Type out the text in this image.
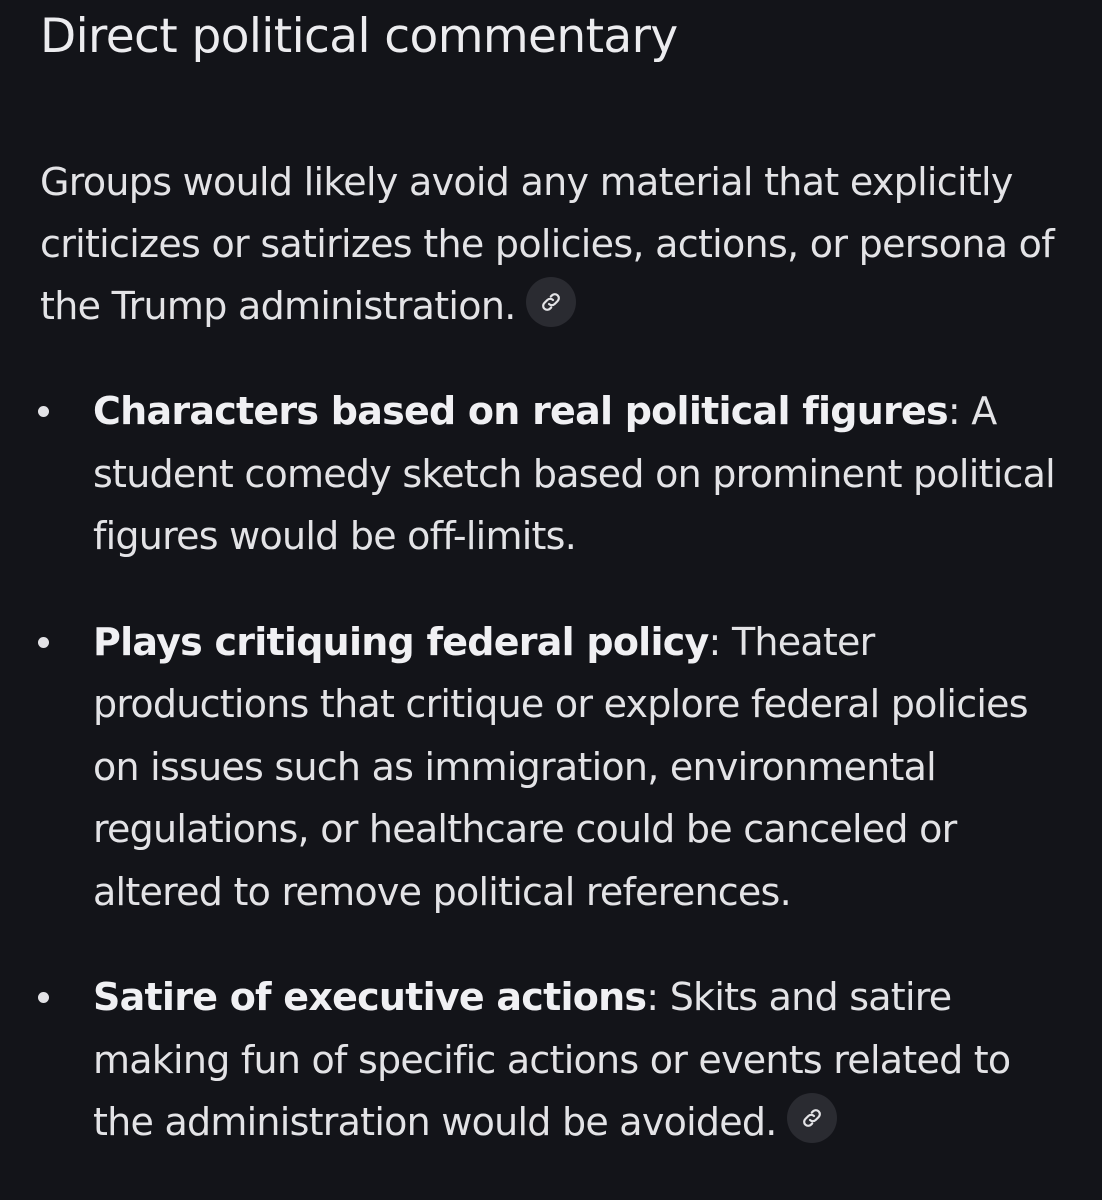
Direct political commentary

Groups would likely avoid any material that explicitly criticizes or satirizes the policies, actions, or persona of the Trump administration.

Characters based on real political figures: A student comedy sketch based on prominent political figures would be off-limits.
Plays critiquing federal policy: Theater productions that critique or explore federal policies on issues such as immigration, environmental regulations, or healthcare could be canceled or altered to remove political references.
Satire of executive actions: Skits and satire making fun of specific actions or events related to the administration would be avoided.
